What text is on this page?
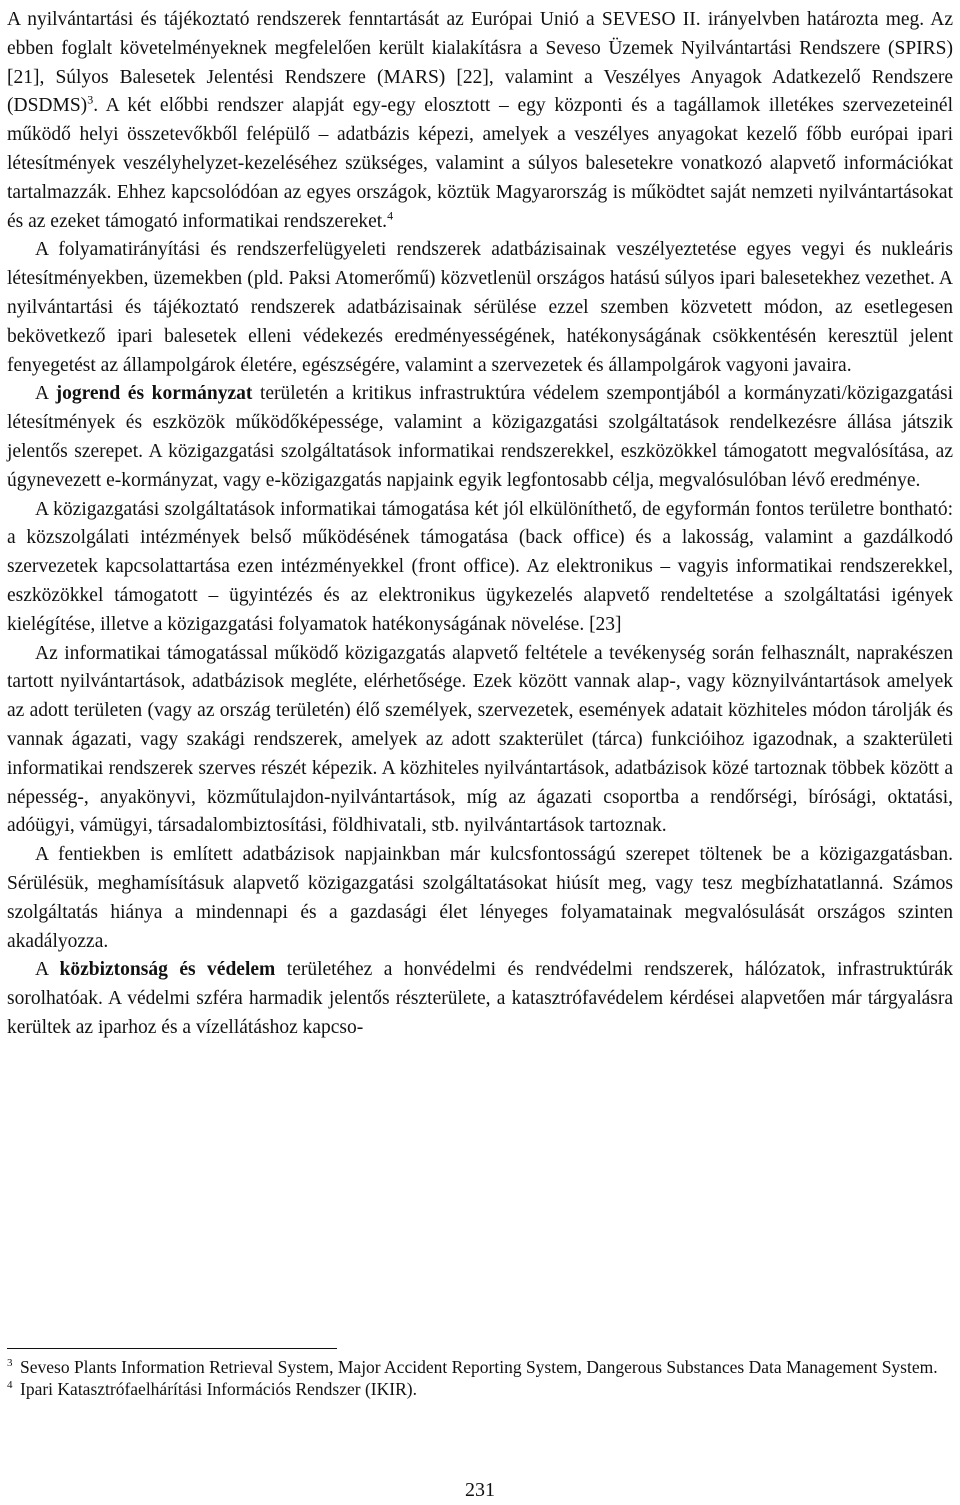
A nyilvántartási és tájékoztató rendszerek fenntartását az Európai Unió a SEVESO II. irányelvben határozta meg. Az ebben foglalt követelményeknek megfelelően került kialakításra a Seveso Üzemek Nyilvántartási Rendszere (SPIRS) [21], Súlyos Balesetek Jelentési Rendszere (MARS) [22], valamint a Veszélyes Anyagok Adatkezelő Rendszere (DSDMS)$^3$. A két előbbi rendszer alapját egy-egy elosztott – egy központi és a tagállamok illetékes szervezeteinél működő helyi összetevőkből felépülő – adatbázis képezi, amelyek a veszélyes anyagokat kezelő főbb európai ipari létesítmények veszélyhelyzet-kezeléséhez szükséges, valamint a súlyos balesetekre vonatkozó alapvető információkat tartalmazzák. Ehhez kapcsolódóan az egyes országok, köztük Magyarország is működtet saját nemzeti nyilvántartásokat és az ezeket támogató informatikai rendszereket.$^4$

A folyamatirányítási és rendszerfelügyeleti rendszerek adatbázisainak veszélyeztetése egyes vegyi és nukleáris létesítményekben, üzemekben (pld. Paksi Atomerőmű) közvetlenül országos hatású súlyos ipari balesetekhez vezethet. A nyilvántartási és tájékoztató rendszerek adatbázisainak sérülése ezzel szemben közvetett módon, az esetlegesen bekövetkező ipari balesetek elleni védekezés eredményességének, hatékonyságának csökkentésén keresztül jelent fenyegetést az állampolgárok életére, egészségére, valamint a szervezetek és állampolgárok vagyoni javaira.

A jogrend és kormányzat területén a kritikus infrastruktúra védelem szempontjából a kormányzati/közigazgatási létesítmények és eszközök működőképessége, valamint a közigazgatási szolgáltatások rendelkezésre állása játszik jelentős szerepet. A közigazgatási szolgáltatások informatikai rendszerekkel, eszközökkel támogatott megvalósítása, az úgynevezett e-kormányzat, vagy e-közigazgatás napjaink egyik legfontosabb célja, megvalósulóban lévő eredménye.

A közigazgatási szolgáltatások informatikai támogatása két jól elkülöníthető, de egyformán fontos területre bontható: a közszolgálati intézmények belső működésének támogatása (back office) és a lakosság, valamint a gazdálkodó szervezetek kapcsolattartása ezen intézményekkel (front office). Az elektronikus – vagyis informatikai rendszerekkel, eszközökkel támogatott – ügyintézés és az elektronikus ügykezelés alapvető rendeltetése a szolgáltatási igények kielégítése, illetve a közigazgatási folyamatok hatékonyságának növelése. [23]

Az informatikai támogatással működő közigazgatás alapvető feltétele a tevékenység során felhasznált, naprakészen tartott nyilvántartások, adatbázisok megléte, elérhetősége. Ezek között vannak alap-, vagy köznyilvántartások amelyek az adott területen (vagy az ország területén) élő személyek, szervezetek, események adatait közhiteles módon tárolják és vannak ágazati, vagy szakági rendszerek, amelyek az adott szakterület (tárca) funkcióihoz igazodnak, a szakterületi informatikai rendszerek szerves részét képezik. A közhiteles nyilvántartások, adatbázisok közé tartoznak többek között a népesség-, anyakönyvi, közműtulajdon-nyilvántartások, míg az ágazati csoportba a rendőrségi, bírósági, oktatási, adóügyi, vámügyi, társadalombiztosítási, földhivatali, stb. nyilvántartások tartoznak.

A fentiekben is említett adatbázisok napjainkban már kulcsfontosságú szerepet töltenek be a közigazgatásban. Sérülésük, meghamísításuk alapvető közigazgatási szolgáltatásokat hiúsít meg, vagy tesz megbízhatatlanná. Számos szolgáltatás hiánya a mindennapi és a gazdasági élet lényeges folyamatainak megvalósulását országos szinten akadályozza.

A közbiztonság és védelem területéhez a honvédelmi és rendvédelmi rendszerek, hálózatok, infrastruktúrák sorolhatóak. A védelmi szféra harmadik jelentős részterülete, a katasztrófavédelem kérdései alapvetően már tárgyalásra kerültek az iparhoz és a vízellátáshoz kapcso-

3 Seveso Plants Information Retrieval System, Major Accident Reporting System, Dangerous Substances Data Management System.

4 Ipari Katasztrófaelhárítási Információs Rendszer (IKIR).

231
